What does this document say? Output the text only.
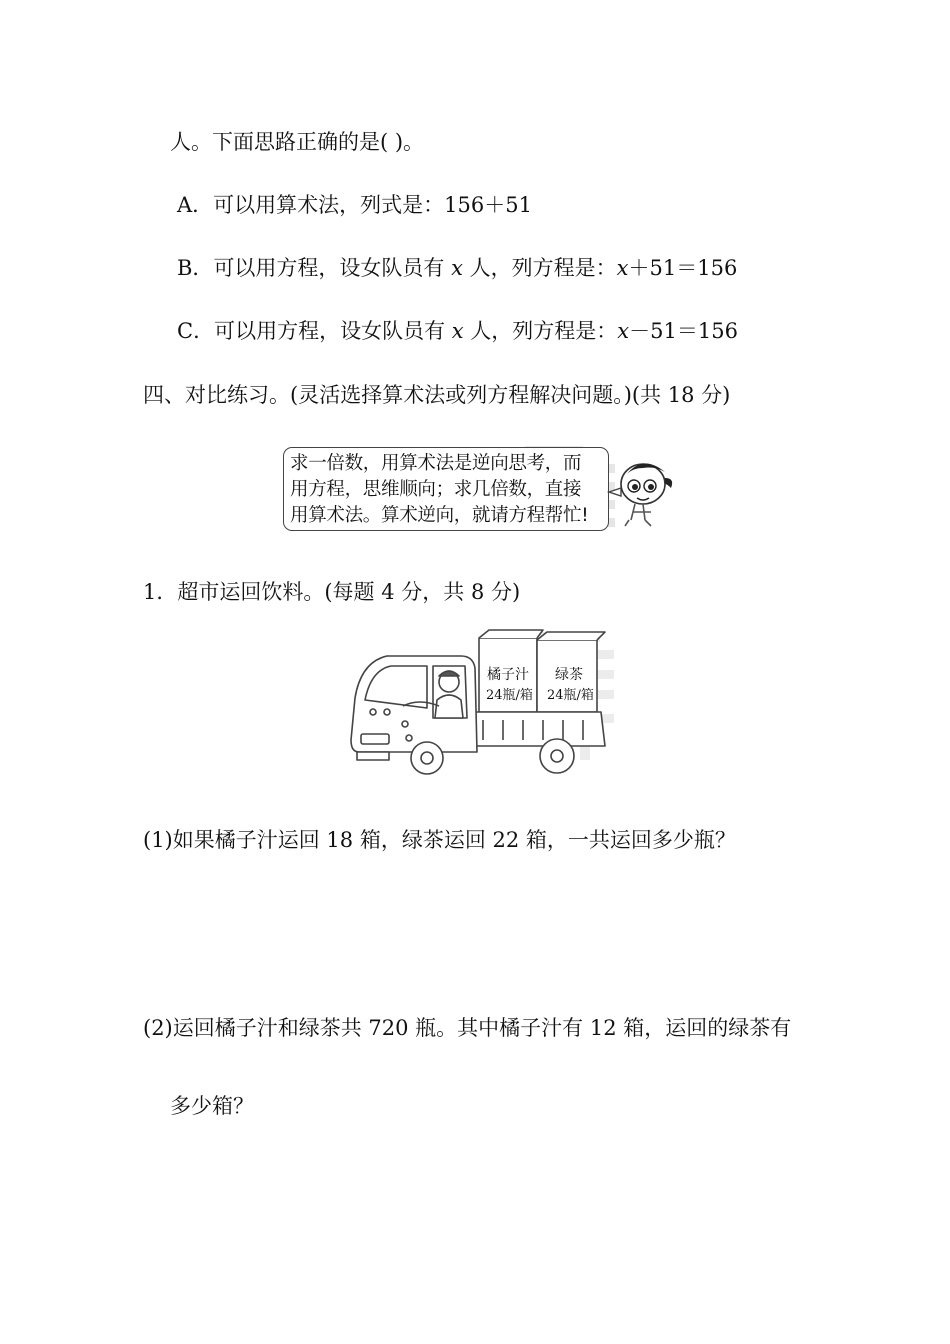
人。下面思路正确的是( )。
A．可以用算术法，列式是：156＋51
B．可以用方程，设女队员有 x 人，列方程是：x＋51＝156
C．可以用方程，设女队员有 x 人，列方程是：x－51＝156
四、对比练习。(灵活选择算术法或列方程解决问题。)(共 18 分)
求一倍数，用算术法是逆向思考，而
用方程，思维顺向；求几倍数，直接
用算术法。算术逆向，就请方程帮忙!
1．超市运回饮料。(每题 4 分，共 8 分)
橘子汁
24瓶/箱
绿茶
24瓶/箱
(1)如果橘子汁运回 18 箱，绿茶运回 22 箱，一共运回多少瓶？
(2)运回橘子汁和绿茶共 720 瓶。其中橘子汁有 12 箱，运回的绿茶有
多少箱？
